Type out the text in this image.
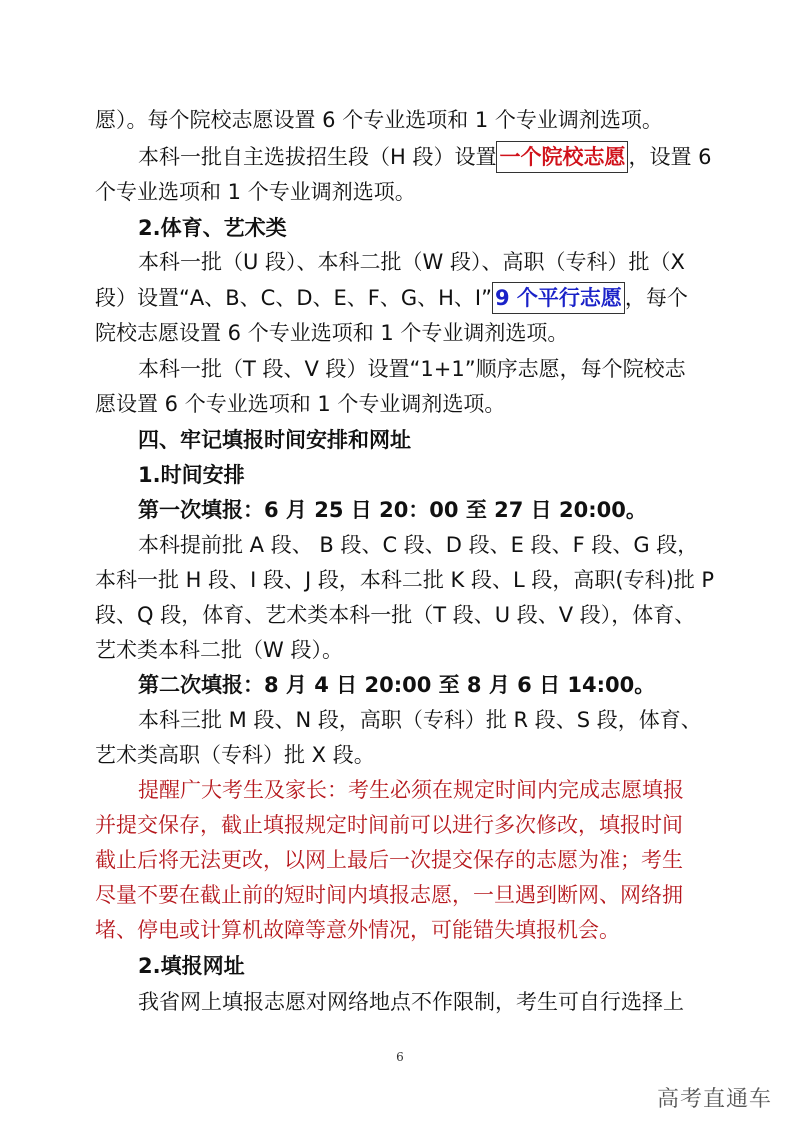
愿）。每个院校志愿设置 6 个专业选项和 1 个专业调剂选项。
本科一批自主选拔招生段（H 段）设置 一个院校志愿 ，设置 6
个专业选项和 1 个专业调剂选项。
2.体育、艺术类
本科一批（U 段）、本科二批（W 段）、高职（专科）批（X
段）设置“A、B、C、D、E、F、G、H、I” 9 个平行志愿 ，每个
院校志愿设置 6 个专业选项和 1 个专业调剂选项。
本科一批（T 段、V 段）设置“1+1”顺序志愿，每个院校志
愿设置 6 个专业选项和 1 个专业调剂选项。
四、牢记填报时间安排和网址
1.时间安排
第一次填报：6 月 25 日 20：00 至 27 日 20:00。
本科提前批 A 段、 B 段、C 段、D 段、E 段、F 段、G 段，
本科一批 H 段、I 段、J 段，本科二批 K 段、L 段，高职(专科)批 P
段、Q 段，体育、艺术类本科一批（T 段、U 段、V 段），体育、
艺术类本科二批（W 段）。
第二次填报：8 月 4 日 20:00 至 8 月 6 日 14:00。
本科三批 M 段、N 段，高职（专科）批 R 段、S 段，体育、
艺术类高职（专科）批 X 段。
提醒广大考生及家长：考生必须在规定时间内完成志愿填报
并提交保存，截止填报规定时间前可以进行多次修改，填报时间
截止后将无法更改，以网上最后一次提交保存的志愿为准；考生
尽量不要在截止前的短时间内填报志愿，一旦遇到断网、网络拥
堵、停电或计算机故障等意外情况，可能错失填报机会。
2.填报网址
我省网上填报志愿对网络地点不作限制，考生可自行选择上
6
高考直通车
